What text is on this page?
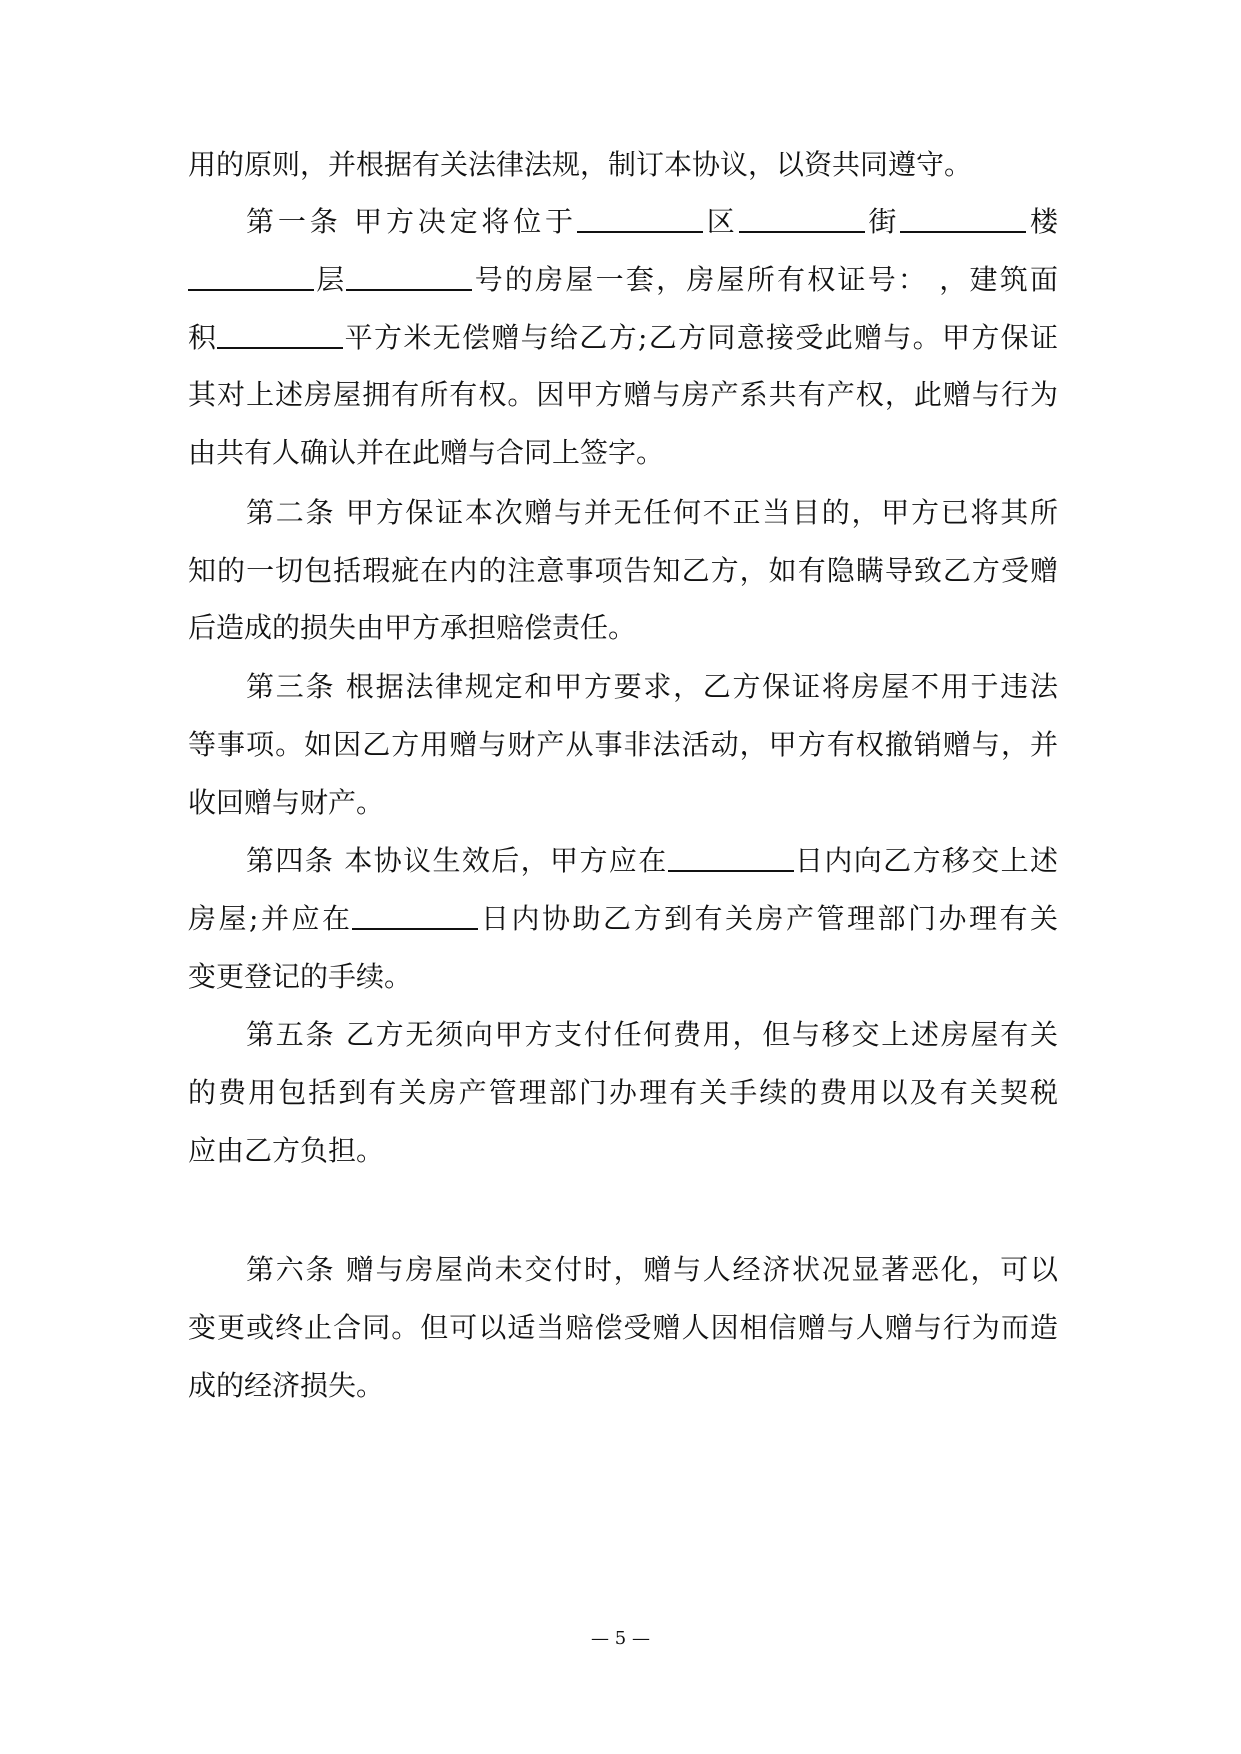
用的原则，并根据有关法律法规，制订本协议，以资共同遵守。
第一条 甲方决定将位于	区	街	楼
层	号的房屋一套，房屋所有权证号： ，建筑面
积	平方米无偿赠与给乙方;乙方同意接受此赠与。甲方保证
其对上述房屋拥有所有权。因甲方赠与房产系共有产权，此赠与行为
由共有人确认并在此赠与合同上签字。
第二条 甲方保证本次赠与并无任何不正当目的，甲方已将其所
知的一切包括瑕疵在内的注意事项告知乙方，如有隐瞒导致乙方受赠
后造成的损失由甲方承担赔偿责任。
第三条 根据法律规定和甲方要求，乙方保证将房屋不用于违法
等事项。如因乙方用赠与财产从事非法活动，甲方有权撤销赠与，并
收回赠与财产。
第四条 本协议生效后，甲方应在	日内向乙方移交上述
房屋;并应在	日内协助乙方到有关房产管理部门办理有关
变更登记的手续。
第五条 乙方无须向甲方支付任何费用，但与移交上述房屋有关
的费用包括到有关房产管理部门办理有关手续的费用以及有关契税
应由乙方负担。
第六条 赠与房屋尚未交付时，赠与人经济状况显著恶化，可以
变更或终止合同。但可以适当赔偿受赠人因相信赠与人赠与行为而造
成的经济损失。
— 5 —
